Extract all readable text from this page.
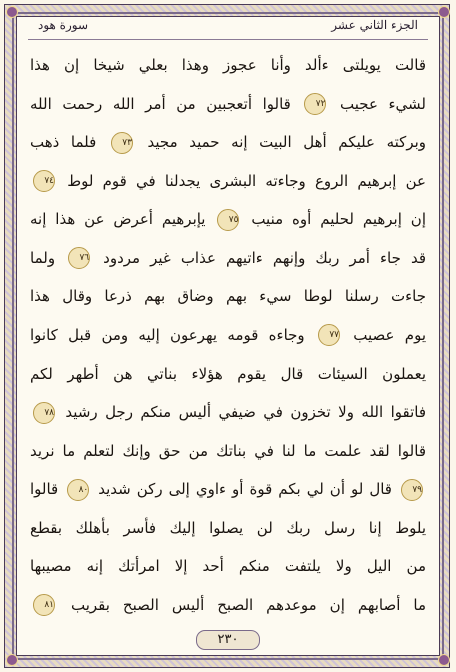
الجزء الثاني عشر
سورة هود
قالت يويلتى ءألد وأنا عجوز وهذا بعلي شيخا إن هذا
لشيء عجيب ٧٢ قالوا أتعجبين من أمر الله رحمت الله
وبركته عليكم أهل البيت إنه حميد مجيد ٧٣ فلما ذهب
عن إبرهيم الروع وجاءته البشرى يجدلنا في قوم لوط ٧٤
إن إبرهيم لحليم أوه منيب ٧٥ يإبرهيم أعرض عن هذا إنه
قد جاء أمر ربك وإنهم ءاتيهم عذاب غير مردود ٧٦ ولما
جاءت رسلنا لوطا سيء بهم وضاق بهم ذرعا وقال هذا
يوم عصيب ٧٧ وجاءه قومه يهرعون إليه ومن قبل كانوا
يعملون السيئات قال يقوم هؤلاء بناتي هن أطهر لكم
فاتقوا الله ولا تخزون في ضيفي أليس منكم رجل رشيد ٧٨
قالوا لقد علمت ما لنا في بناتك من حق وإنك لتعلم ما نريد
٧٩ قال لو أن لي بكم قوة أو ءاوي إلى ركن شديد ٨٠ قالوا
يلوط إنا رسل ربك لن يصلوا إليك فأسر بأهلك بقطع
من اليل ولا يلتفت منكم أحد إلا امرأتك إنه مصيبها
ما أصابهم إن موعدهم الصبح أليس الصبح بقريب ٨١
٢٣٠
